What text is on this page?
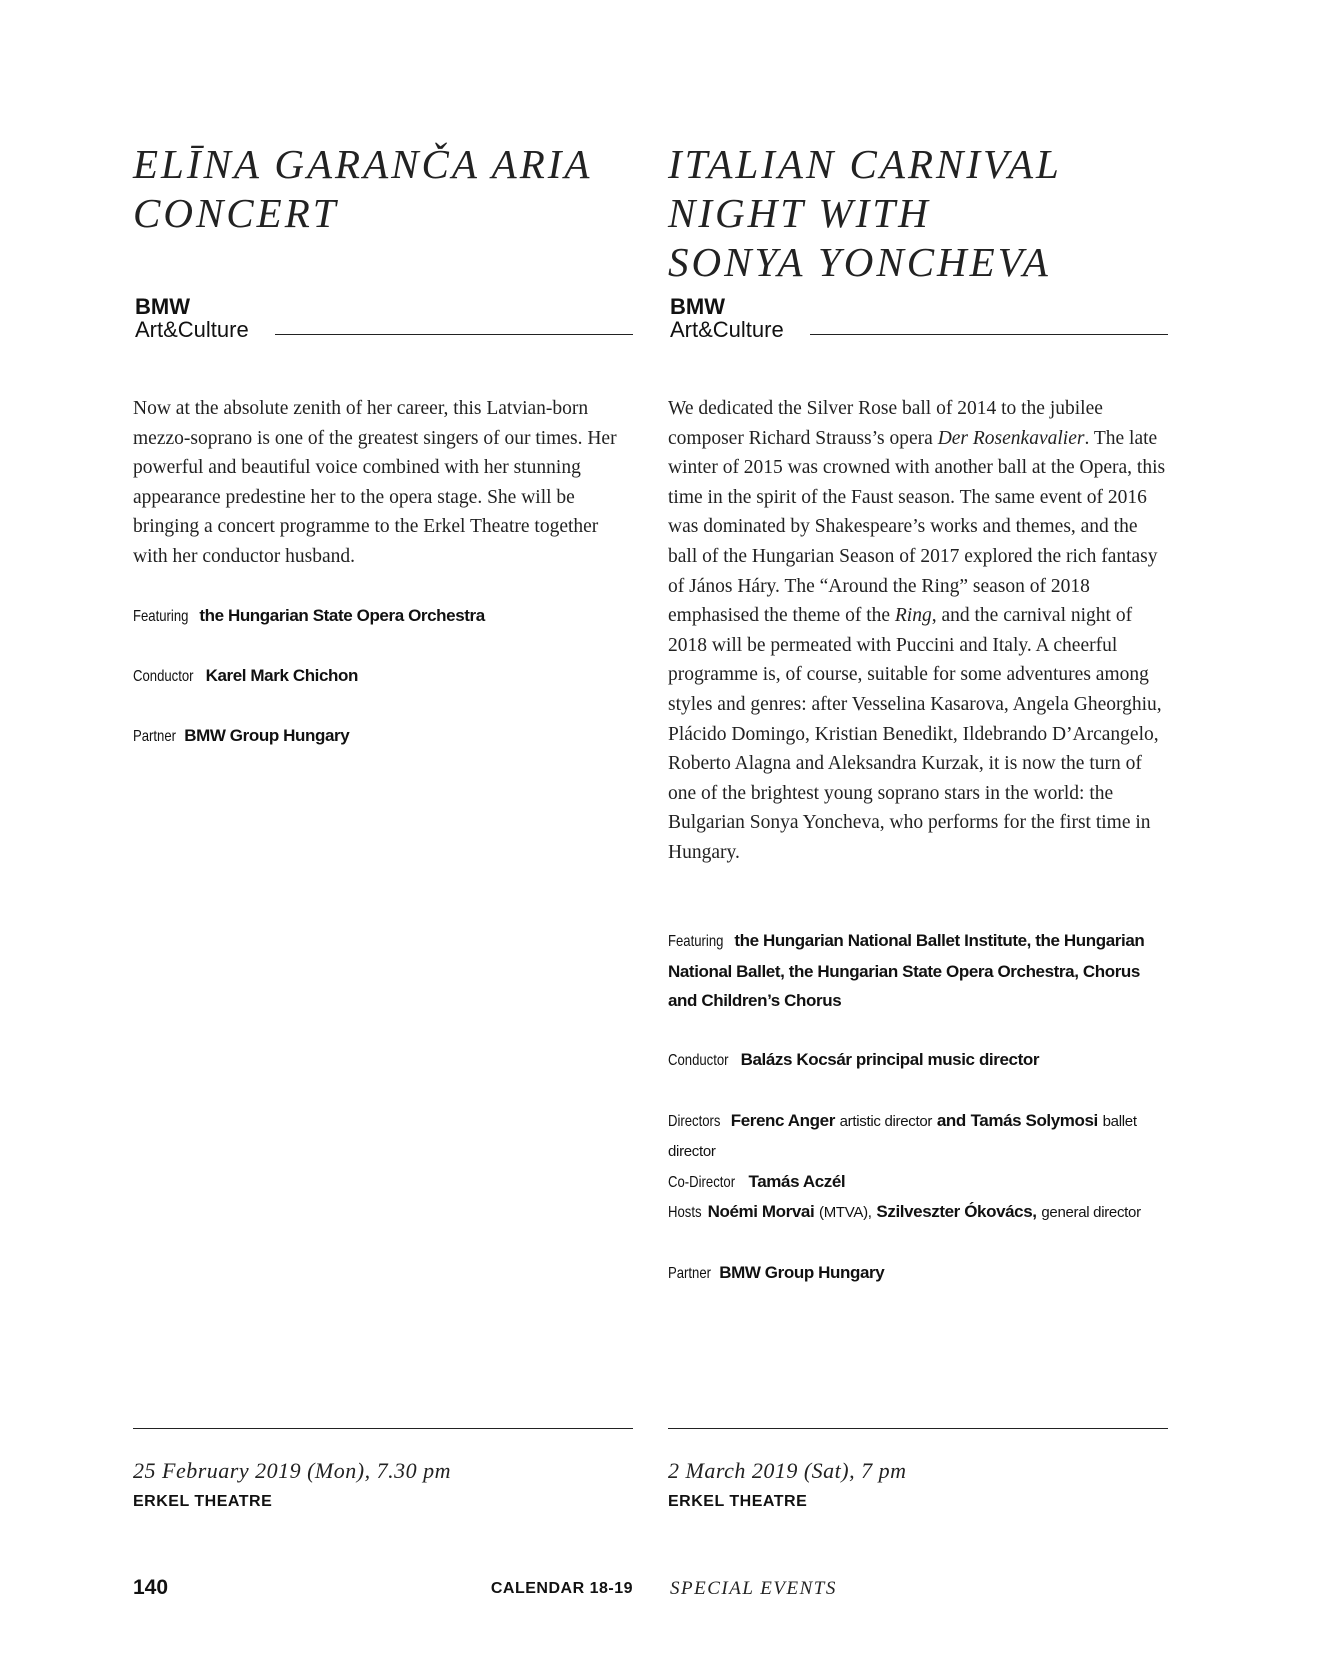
ELĪNA GARANČA ARIA
CONCERT
BMW
Art&Culture

Now at the absolute zenith of her career, this Latvian-born mezzo-soprano is one of the greatest singers of our times. Her powerful and beautiful voice combined with her stunning appearance predestine her to the opera stage. She will be bringing a concert programme to the Erkel Theatre together with her conductor husband.

Featuring the Hungarian State Opera Orchestra

Conductor Karel Mark Chichon

Partner BMW Group Hungary

25 February 2019 (Mon), 7.30 pm
ERKEL THEATRE
ITALIAN CARNIVAL
NIGHT WITH
SONYA YONCHEVA
BMW
Art&Culture

We dedicated the Silver Rose ball of 2014 to the jubilee composer Richard Strauss’s opera Der Rosenkavalier. The late winter of 2015 was crowned with another ball at the Opera, this time in the spirit of the Faust season. The same event of 2016 was dominated by Shakespeare’s works and themes, and the ball of the Hungarian Season of 2017 explored the rich fantasy of János Háry. The “Around the Ring” season of 2018 emphasised the theme of the Ring, and the carnival night of 2018 will be permeated with Puccini and Italy. A cheerful programme is, of course, suitable for some adventures among styles and genres: after Vesselina Kasarova, Angela Gheorghiu, Plácido Domingo, Kristian Benedikt, Ildebrando D’Arcangelo, Roberto Alagna and Aleksandra Kurzak, it is now the turn of one of the brightest young soprano stars in the world: the Bulgarian Sonya Yoncheva, who performs for the first time in Hungary.

Featuring the Hungarian National Ballet Institute, the Hungarian National Ballet, the Hungarian State Opera Orchestra, Chorus and Children’s Chorus

Conductor Balázs Kocsár principal music director

Directors Ferenc Anger artistic director and Tamás Solymosi ballet director

Co-Director Tamás Aczél

Hosts Noémi Morvai (MTVA), Szilveszter Ókovács, general director

Partner BMW Group Hungary

2 March 2019 (Sat), 7 pm
ERKEL THEATRE
140	CALENDAR 18-19 SPECIAL EVENTS
